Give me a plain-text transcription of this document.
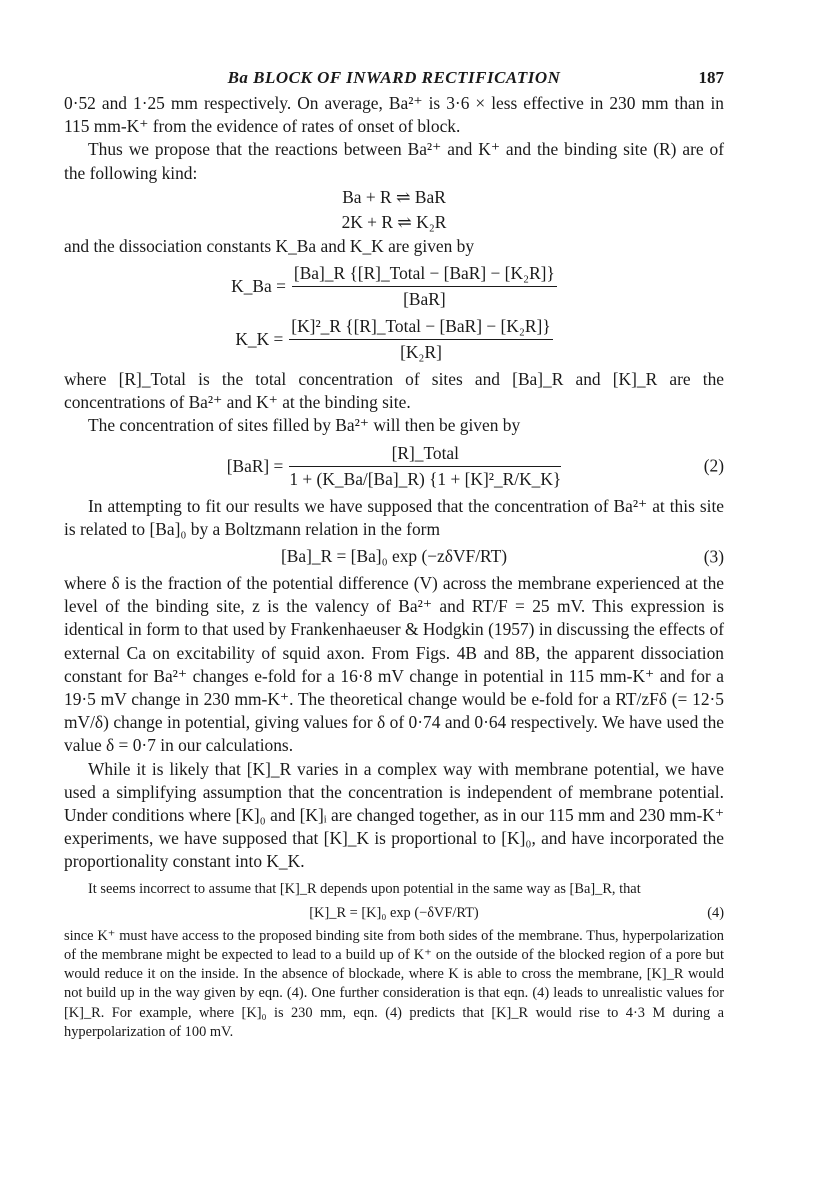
Ba BLOCK OF INWARD RECTIFICATION	187

0·52 and 1·25 mm respectively. On average, Ba²⁺ is 3·6 × less effective in 230 mm than in 115 mm-K⁺ from the evidence of rates of onset of block.

Thus we propose that the reactions between Ba²⁺ and K⁺ and the binding site (R) are of the following kind:

Ba + R ⇌ BaR
2K + R ⇌ K₂R

and the dissociation constants K_Ba and K_K are given by

K_Ba = $\frac{\text{[Ba]\_R \{[R]\_Total − [BaR] − [K₂R]\}}}{\text{[BaR]}}$
K_K = $\frac{\text{[K]²\_R \{[R]\_Total − [BaR] − [K₂R]\}}}{\text{[K₂R]}}$

where [R]_Total is the total concentration of sites and [Ba]_R and [K]_R are the concentrations of Ba²⁺ and K⁺ at the binding site.

The concentration of sites filled by Ba²⁺ will then be given by

$[BaR] = \frac{\text{[R]\_Total}}{\text{1 + (K\_Ba/[Ba]\_R) \{1 + [K]²\_R/K\_K\}}}$	(2)

In attempting to fit our results we have supposed that the concentration of Ba²⁺ at this site is related to [Ba]₀ by a Boltzmann relation in the form

[Ba]_R = [Ba]₀ exp (−zδVF/RT)	(3)

where δ is the fraction of the potential difference (V) across the membrane experienced at the level of the binding site, z is the valency of Ba²⁺ and RT/F = 25 mV. This expression is identical in form to that used by Frankenhaeuser & Hodgkin (1957) in discussing the effects of external Ca on excitability of squid axon. From Figs. 4B and 8B, the apparent dissociation constant for Ba²⁺ changes e-fold for a 16·8 mV change in potential in 115 mm-K⁺ and for a 19·5 mV change in 230 mm-K⁺. The theoretical change would be e-fold for a RT/zFδ (= 12·5 mV/δ) change in potential, giving values for δ of 0·74 and 0·64 respectively. We have used the value δ = 0·7 in our calculations.

While it is likely that [K]_R varies in a complex way with membrane potential, we have used a simplifying assumption that the concentration is independent of membrane potential. Under conditions where [K]₀ and [K]ᵢ are changed together, as in our 115 mm and 230 mm-K⁺ experiments, we have supposed that [K]_K is proportional to [K]₀, and have incorporated the proportionality constant into K_K.

It seems incorrect to assume that [K]_R depends upon potential in the same way as [Ba]_R, that

[K]_R = [K]₀ exp (−δVF/RT)	(4)

since K⁺ must have access to the proposed binding site from both sides of the membrane. Thus, hyperpolarization of the membrane might be expected to lead to a build up of K⁺ on the outside of the blocked region of a pore but would reduce it on the inside. In the absence of blockade, where K is able to cross the membrane, [K]_R would not build up in the way given by eqn. (4). One further consideration is that eqn. (4) leads to unrealistic values for [K]_R. For example, where [K]₀ is 230 mm, eqn. (4) predicts that [K]_R would rise to 4·3 M during a hyperpolarization of 100 mV.
